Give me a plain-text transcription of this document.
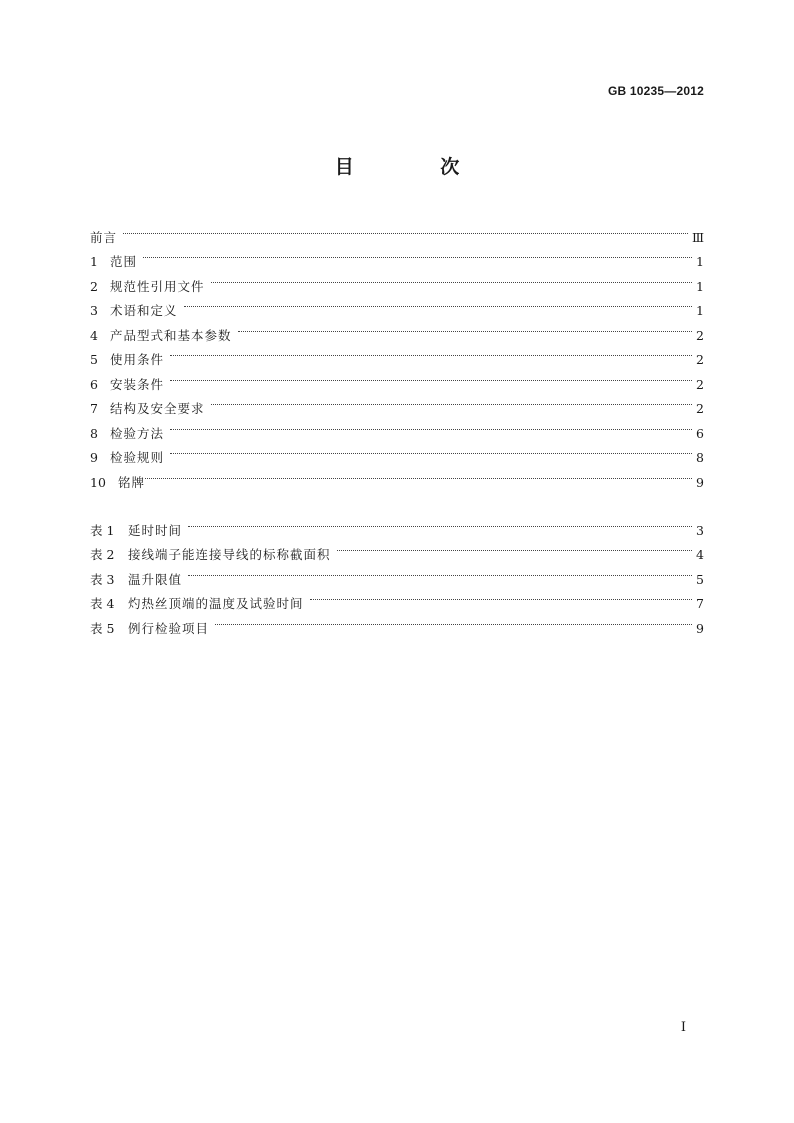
GB 10235—2012
目 次
前言	Ⅲ
1 范围	1
2 规范性引用文件	1
3 术语和定义	1
4 产品型式和基本参数	2
5 使用条件	2
6 安装条件	2
7 结构及安全要求	2
8 检验方法	6
9 检验规则	8
10 铭牌	9
表 1	延时时间	3
表 2	接线端子能连接导线的标称截面积	4
表 3	温升限值	5
表 4	灼热丝顶端的温度及试验时间	7
表 5	例行检验项目	9
I
